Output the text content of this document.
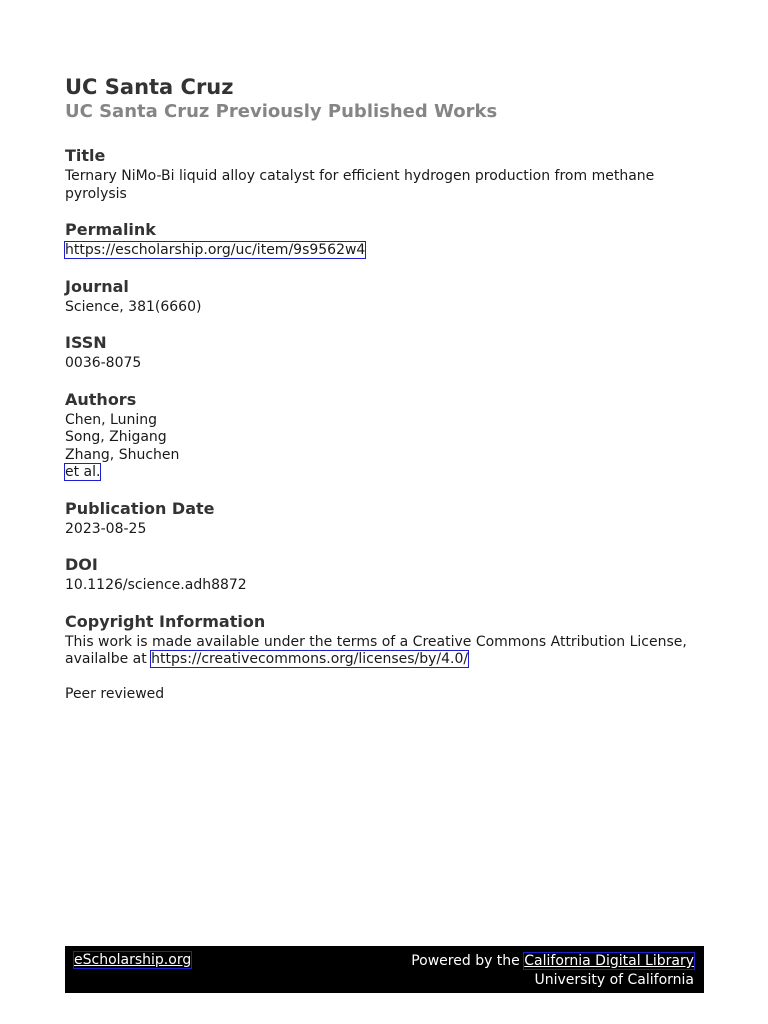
UC Santa Cruz

UC Santa Cruz Previously Published Works

Title

Ternary NiMo-Bi liquid alloy catalyst for efficient hydrogen production from methane pyrolysis

Permalink

https://escholarship.org/uc/item/9s9562w4

Journal

Science, 381(6660)

ISSN

0036-8075

Authors

Chen, Luning
Song, Zhigang
Zhang, Shuchen
et al.

Publication Date

2023-08-25

DOI

10.1126/science.adh8872

Copyright Information

This work is made available under the terms of a Creative Commons Attribution License,
availalbe at https://creativecommons.org/licenses/by/4.0/

Peer reviewed

eScholarship.org	Powered by the California Digital Library
University of California
